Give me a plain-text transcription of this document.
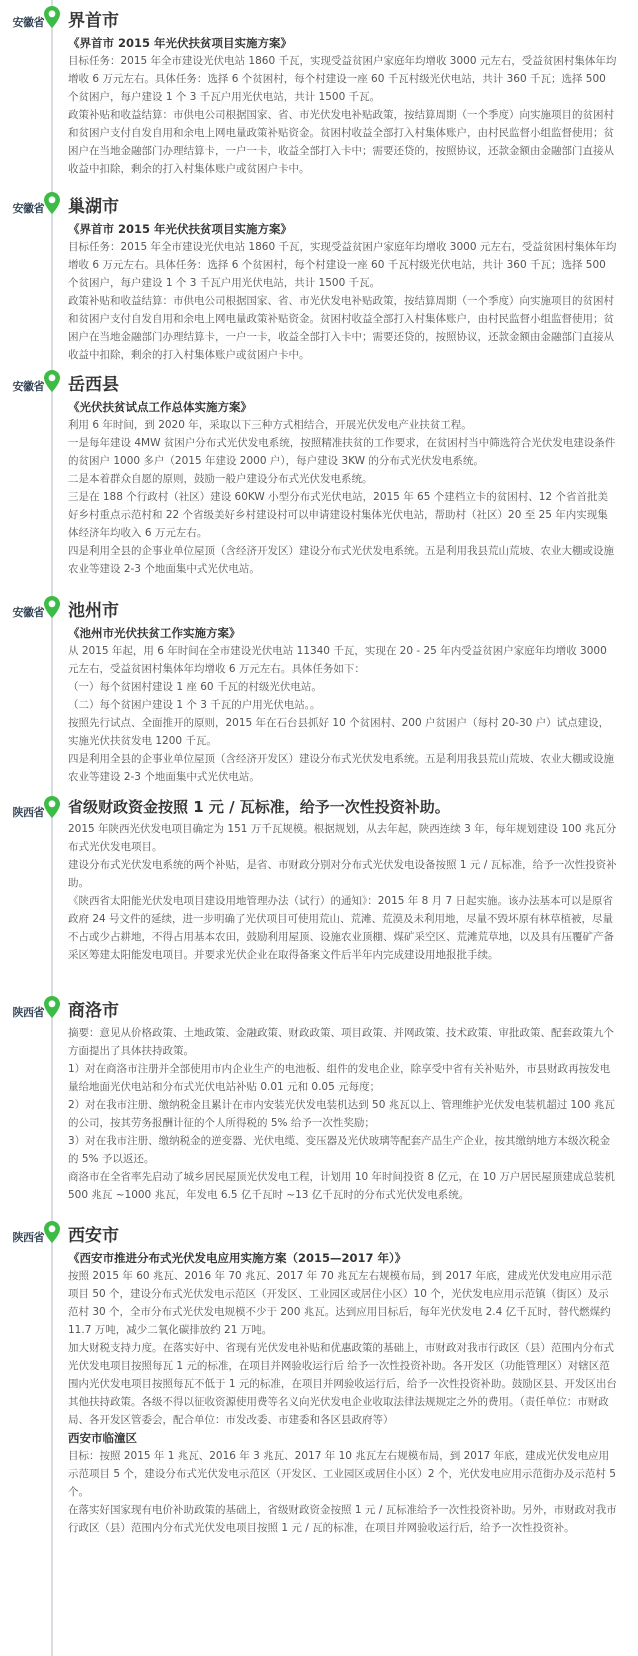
安徽省 界首市

《界首市 2015 年光伏扶贫项目实施方案》

目标任务：2015 年全市建设光伏电站 1860 千瓦，实现受益贫困户家庭年均增收 3000 元左右，受益贫困村集体年均增收 6 万元左右。具体任务：选择 6 个贫困村，每个村建设一座 60 千瓦村级光伏电站，共计 360 千瓦；选择 500 个贫困户，每户建设 1 个 3 千瓦户用光伏电站，共计 1500 千瓦。

政策补贴和收益结算：市供电公司根据国家、省、市光伏发电补贴政策，按结算周期（一个季度）向实施项目的贫困村和贫困户支付自发自用和余电上网电量政策补贴资金。贫困村收益全部打入村集体账户，由村民监督小组监督使用；贫困户在当地金融部门办理结算卡，一户一卡，收益全部打入卡中；需要还贷的，按照协议，还款金额由金融部门直接从收益中扣除，剩余的打入村集体账户或贫困户卡中。

安徽省 巢湖市

《界首市 2015 年光伏扶贫项目实施方案》

目标任务：2015 年全市建设光伏电站 1860 千瓦，实现受益贫困户家庭年均增收 3000 元左右，受益贫困村集体年均增收 6 万元左右。具体任务：选择 6 个贫困村，每个村建设一座 60 千瓦村级光伏电站，共计 360 千瓦；选择 500 个贫困户，每户建设 1 个 3 千瓦户用光伏电站，共计 1500 千瓦。

政策补贴和收益结算：市供电公司根据国家、省、市光伏发电补贴政策，按结算周期（一个季度）向实施项目的贫困村和贫困户支付自发自用和余电上网电量政策补贴资金。贫困村收益全部打入村集体账户，由村民监督小组监督使用；贫困户在当地金融部门办理结算卡，一户一卡，收益全部打入卡中；需要还贷的，按照协议，还款金额由金融部门直接从收益中扣除，剩余的打入村集体账户或贫困户卡中。

安徽省 岳西县

《光伏扶贫试点工作总体实施方案》

利用 6 年时间，到 2020 年，采取以下三种方式相结合，开展光伏发电产业扶贫工程。

一是每年建设 4MW 贫困户分布式光伏发电系统，按照精准扶贫的工作要求，在贫困村当中筛选符合光伏发电建设条件的贫困户 1000 多户（2015 年建设 2000 户），每户建设 3KW 的分布式光伏发电系统。

二是本着群众自愿的原则，鼓励一般户建设分布式光伏发电系统。

三是在 188 个行政村（社区）建设 60KW 小型分布式光伏电站，2015 年 65 个建档立卡的贫困村、12 个省首批美好乡村重点示范村和 22 个省级美好乡村建设村可以申请建设村集体光伏电站，帮助村（社区）20 至 25 年内实现集体经济年均收入 6 万元左右。

四是利用全县的企事业单位屋顶（含经济开发区）建设分布式光伏发电系统。五是利用我县荒山荒坡、农业大棚或设施农业等建设 2-3 个地面集中式光伏电站。

安徽省 池州市

《池州市光伏扶贫工作实施方案》

从 2015 年起，用 6 年时间在全市建设光伏电站 11340 千瓦，实现在 20 - 25 年内受益贫困户家庭年均增收 3000 元左右，受益贫困村集体年均增收 6 万元左右。具体任务如下：

（一）每个贫困村建设 1 座 60 千瓦的村级光伏电站。

（二）每个贫困户建设 1 个 3 千瓦的户用光伏电站。。

按照先行试点、全面推开的原则，2015 年在石台县抓好 10 个贫困村、200 户贫困户（每村 20-30 户）试点建设，实施光伏扶贫发电 1200 千瓦。

四是利用全县的企事业单位屋顶（含经济开发区）建设分布式光伏发电系统。五是利用我县荒山荒坡、农业大棚或设施农业等建设 2-3 个地面集中式光伏电站。

陕西省 省级财政资金按照 1 元 / 瓦标准，给予一次性投资补助。

2015 年陕西光伏发电项目确定为 151 万千瓦规模。根据规划，从去年起，陕西连续 3 年，每年规划建设 100 兆瓦分布式光伏发电项目。

建设分布式光伏发电系统的两个补贴，是省、市财政分别对分布式光伏发电设备按照 1 元 / 瓦标准，给予一次性投资补助。

《陕西省太阳能光伏发电项目建设用地管理办法（试行）的通知》：2015 年 8 月 7 日起实施。该办法基本可以是原省政府 24 号文件的延续，进一步明确了光伏项目可使用荒山、荒滩、荒漠及未利用地，尽量不毁坏原有林草植被，尽量不占或少占耕地，不得占用基本农田，鼓励利用屋顶、设施农业顶棚、煤矿采空区、荒滩荒草地，以及具有压覆矿产备采区筹建太阳能发电项目。并要求光伏企业在取得备案文件后半年内完成建设用地报批手续。

陕西省 商洛市

摘要：意见从价格政策、土地政策、金融政策、财政政策、项目政策、并网政策、技术政策、审批政策、配套政策九个方面提出了具体扶持政策。

1）对在商洛市注册并全部使用市内企业生产的电池板、组件的发电企业，除享受中省有关补贴外，市县财政再按发电量给地面光伏电站和分布式光伏电站补贴 0.01 元和 0.05 元每度；

2）对在我市注册、缴纳税金且累计在市内安装光伏发电装机达到 50 兆瓦以上、管理维护光伏发电装机超过 100 兆瓦的公司，按其劳务报酬计征的个人所得税的 5% 给予一次性奖励；

3）对在我市注册、缴纳税金的逆变器、光伏电缆、变压器及光伏玻璃等配套产品生产企业，按其缴纳地方本级次税金的 5% 予以返还。

商洛市在全省率先启动了城乡居民屋顶光伏发电工程，计划用 10 年时间投资 8 亿元，在 10 万户居民屋顶建成总装机 500 兆瓦 ~1000 兆瓦，年发电 6.5 亿千瓦时 ~13 亿千瓦时的分布式光伏发电系统。

陕西省 西安市

《西安市推进分布式光伏发电应用实施方案（2015—2017 年）》

按照 2015 年 60 兆瓦、2016 年 70 兆瓦、2017 年 70 兆瓦左右规模布局，到 2017 年底，建成光伏发电应用示范项目 50 个，建设分布式光伏发电示范区（开发区、工业园区或居住小区）10 个，光伏发电应用示范镇（街区）及示范村 30 个，全市分布式光伏发电规模不少于 200 兆瓦。达到应用目标后，每年光伏发电 2.4 亿千瓦时，替代燃煤约 11.7 万吨，减少二氧化碳排放约 21 万吨。

加大财税支持力度。在落实好中、省现有光伏发电补贴和优惠政策的基础上，市财政对我市行政区（县）范围内分布式光伏发电项目按照每瓦 1 元的标准，在项目并网验收运行后 给予一次性投资补助。各开发区（功能管理区）对辖区范围内光伏发电项目按照每瓦不低于 1 元的标准，在项目并网验收运行后，给予一次性投资补助。鼓励区县、开发区出台其他扶持政策。各级不得以征收资源使用费等名义向光伏发电企业收取法律法规规定之外的费用。（责任单位：市财政局、各开发区管委会，配合单位：市发改委、市建委和各区县政府等）

西安市临潼区

目标：按照 2015 年 1 兆瓦、2016 年 3 兆瓦、2017 年 10 兆瓦左右规模布局，到 2017 年底，建成光伏发电应用示范项目 5 个，建设分布式光伏发电示范区（开发区、工业园区或居住小区）2 个，光伏发电应用示范街办及示范村 5 个。

在落实好国家现有电价补助政策的基础上，省级财政资金按照 1 元 / 瓦标准给予一次性投资补助。另外，市财政对我市行政区（县）范围内分布式光伏发电项目按照 1 元 / 瓦的标准，在项目并网验收运行后，给予一次性投资补。
